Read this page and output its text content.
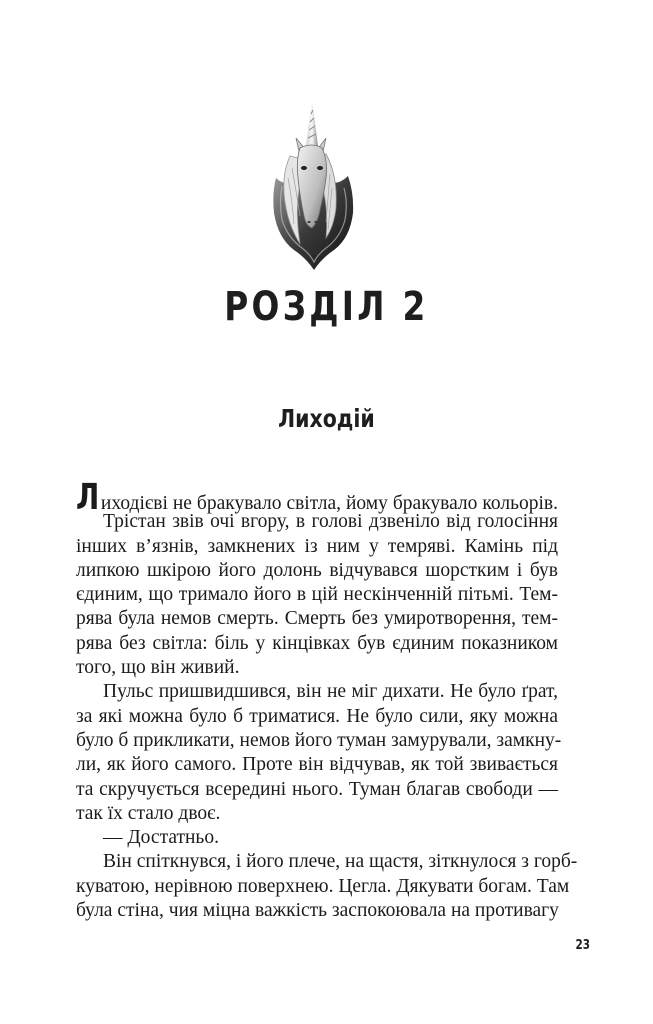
РОЗДІЛ 2
Лиходій
Лиходієві не бракувало світла, йому бракувало кольорів.
Трістан звів очі вгору, в голові дзвеніло від голосіння
інших в’язнів, замкнених із ним у темряві. Камінь під
липкою шкірою його долонь відчувався шорстким і був
єдиним, що тримало його в цій нескінченній пітьмі. Тем-
рява була немов смерть. Смерть без умиротворення, тем-
рява без світла: біль у кінцівках був єдиним показником
того, що він живий.
Пульс пришвидшився, він не міг дихати. Не було ґрат,
за які можна було б триматися. Не було сили, яку можна
було б прикликати, немов його туман замурували, замкну-
ли, як його самого. Проте він відчував, як той звивається
та скручується всередині нього. Туман благав свободи —
так їх стало двоє.
— Достатньо.
Він спіткнувся, і його плече, на щастя, зіткнулося з горб-
куватою, нерівною поверхнею. Цегла. Дякувати богам. Там
була стіна, чия міцна важкість заспокоювала на противагу
23
